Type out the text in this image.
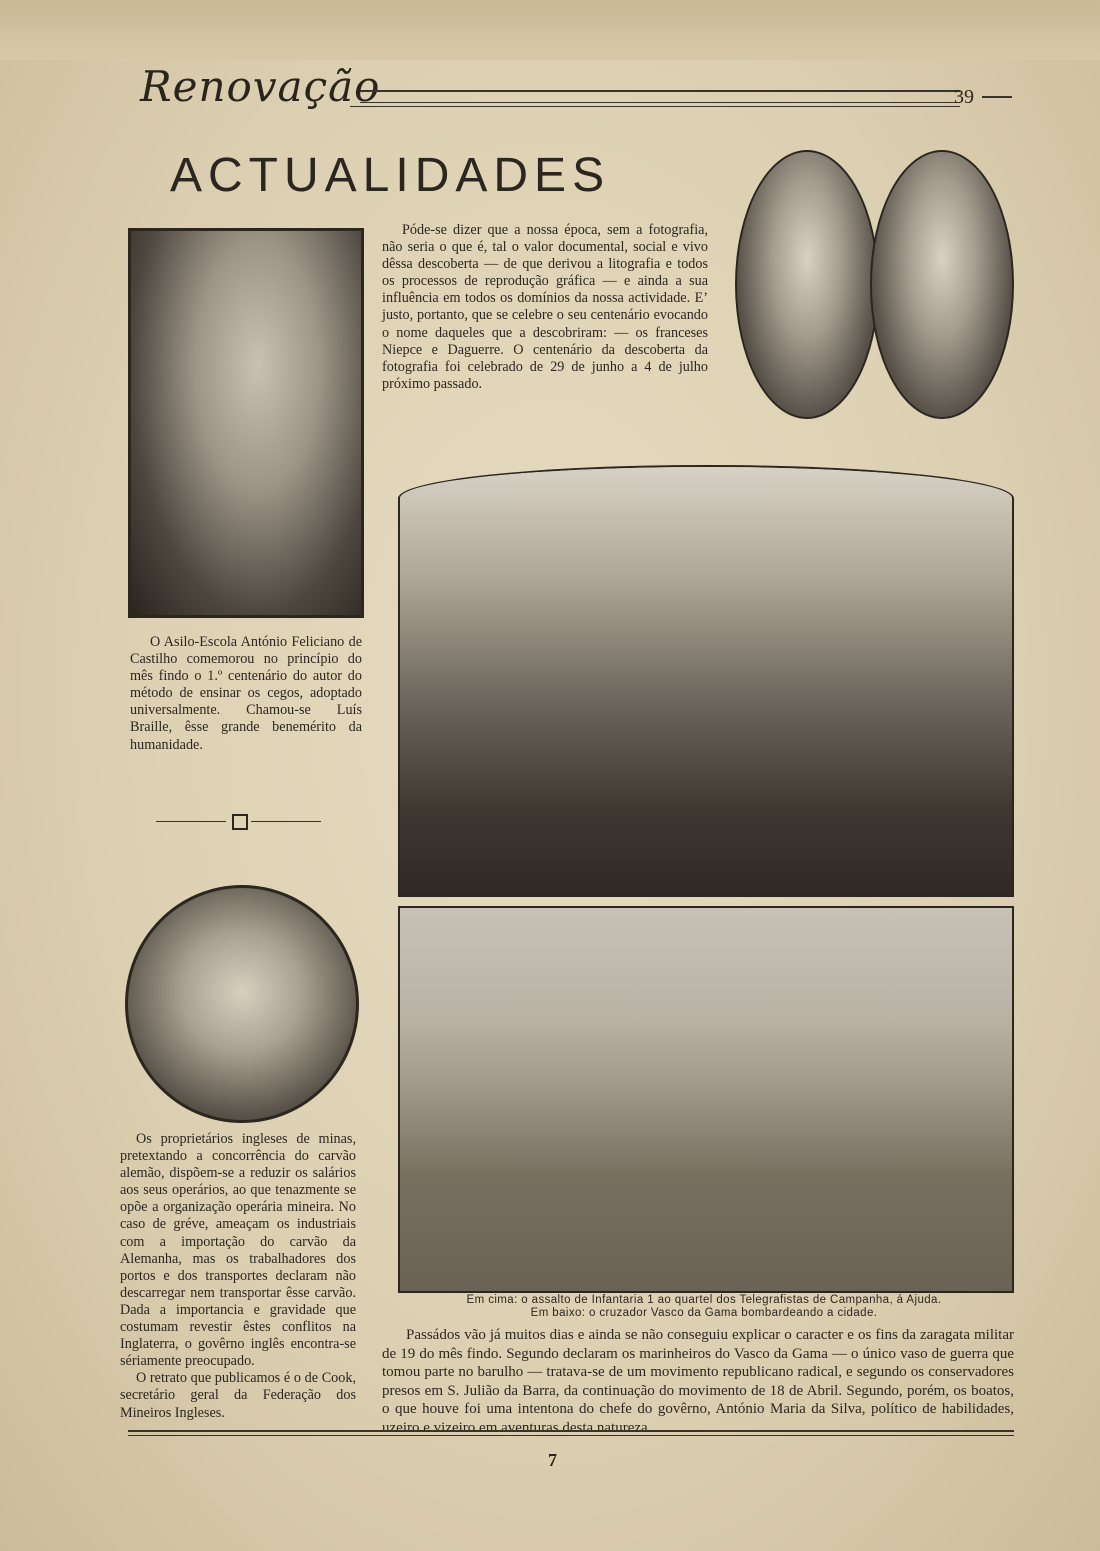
Renovação	39
ACTUALIDADES

Póde-se dizer que a nossa época, sem a fotografia, não seria o que é, tal o valor documental, social e vivo dêssa descoberta — de que derivou a litografia e todos os processos de reprodução gráfica — e ainda a sua influência em todos os domínios da nossa actividade. E’ justo, portanto, que se celebre o seu centenário evocando o nome daqueles que a descobriram: — os franceses Niepce e Daguerre. O centenário da descoberta da fotografia foi celebrado de 29 de junho a 4 de julho próximo passado.

O Asilo-Escola António Feliciano de Castilho comemorou no princípio do mês findo o 1.º centenário do autor do método de ensinar os cegos, adoptado universalmente. Chamou-se Luís Braille, êsse grande benemérito da humanidade.

Os proprietários ingleses de minas, pretextando a concorrência do carvão alemão, dispõem-se a reduzir os salários aos seus operários, ao que tenazmente se opõe a organização operária mineira. No caso de gréve, ameaçam os industriais com a importação do carvão da Alemanha, mas os trabalhadores dos portos e dos transportes declaram não descarregar nem transportar êsse carvão. Dada a importancia e gravidade que costumam revestir êstes conflitos na Inglaterra, o govêrno inglês encontra-se sériamente preocupado.

O retrato que publicamos é o de Cook, secretário geral da Federação dos Mineiros Ingleses.

Em cima: o assalto de Infantaria 1 ao quartel dos Telegrafistas de Campanha, á Ajuda.
Em baixo: o cruzador Vasco da Gama bombardeando a cidade.

Passádos vão já muitos dias e ainda se não conseguiu explicar o caracter e os fins da zaragata militar de 19 do mês findo. Segundo declaram os marinheiros do Vasco da Gama — o único vaso de guerra que tomou parte no barulho — tratava-se de um movimento republicano radical, e segundo os conservadores presos em S. Julião da Barra, da continuação do movimento de 18 de Abril. Segundo, porém, os boatos, o que houve foi uma intentona do chefe do govêrno, António Maria da Silva, político de habilidades, uzeiro e vizeiro em aventuras desta natureza.

7
